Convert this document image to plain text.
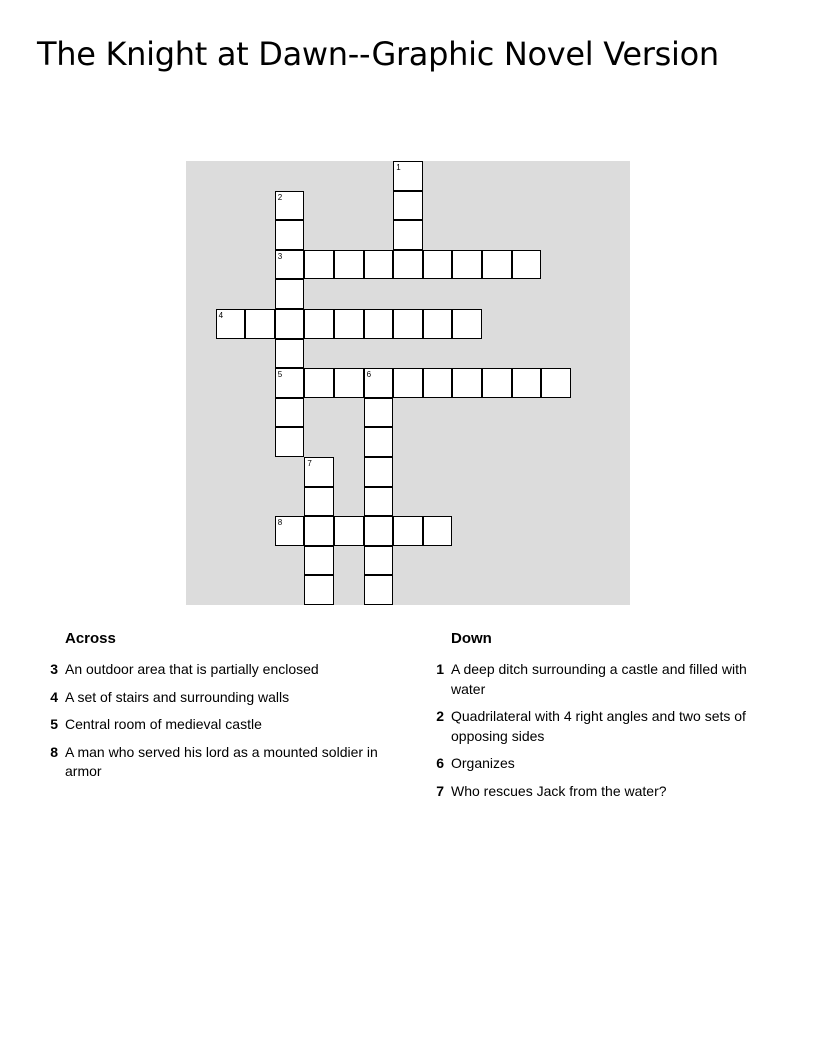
The Knight at Dawn--Graphic Novel Version
1
2
3
4
5	6
7
8
Across
3 An outdoor area that is partially enclosed
4 A set of stairs and surrounding walls
5 Central room of medieval castle
8 A man who served his lord as a mounted soldier in armor
Down
1 A deep ditch surrounding a castle and filled with water
2 Quadrilateral with 4 right angles and two sets of opposing sides
6 Organizes
7 Who rescues Jack from the water?
